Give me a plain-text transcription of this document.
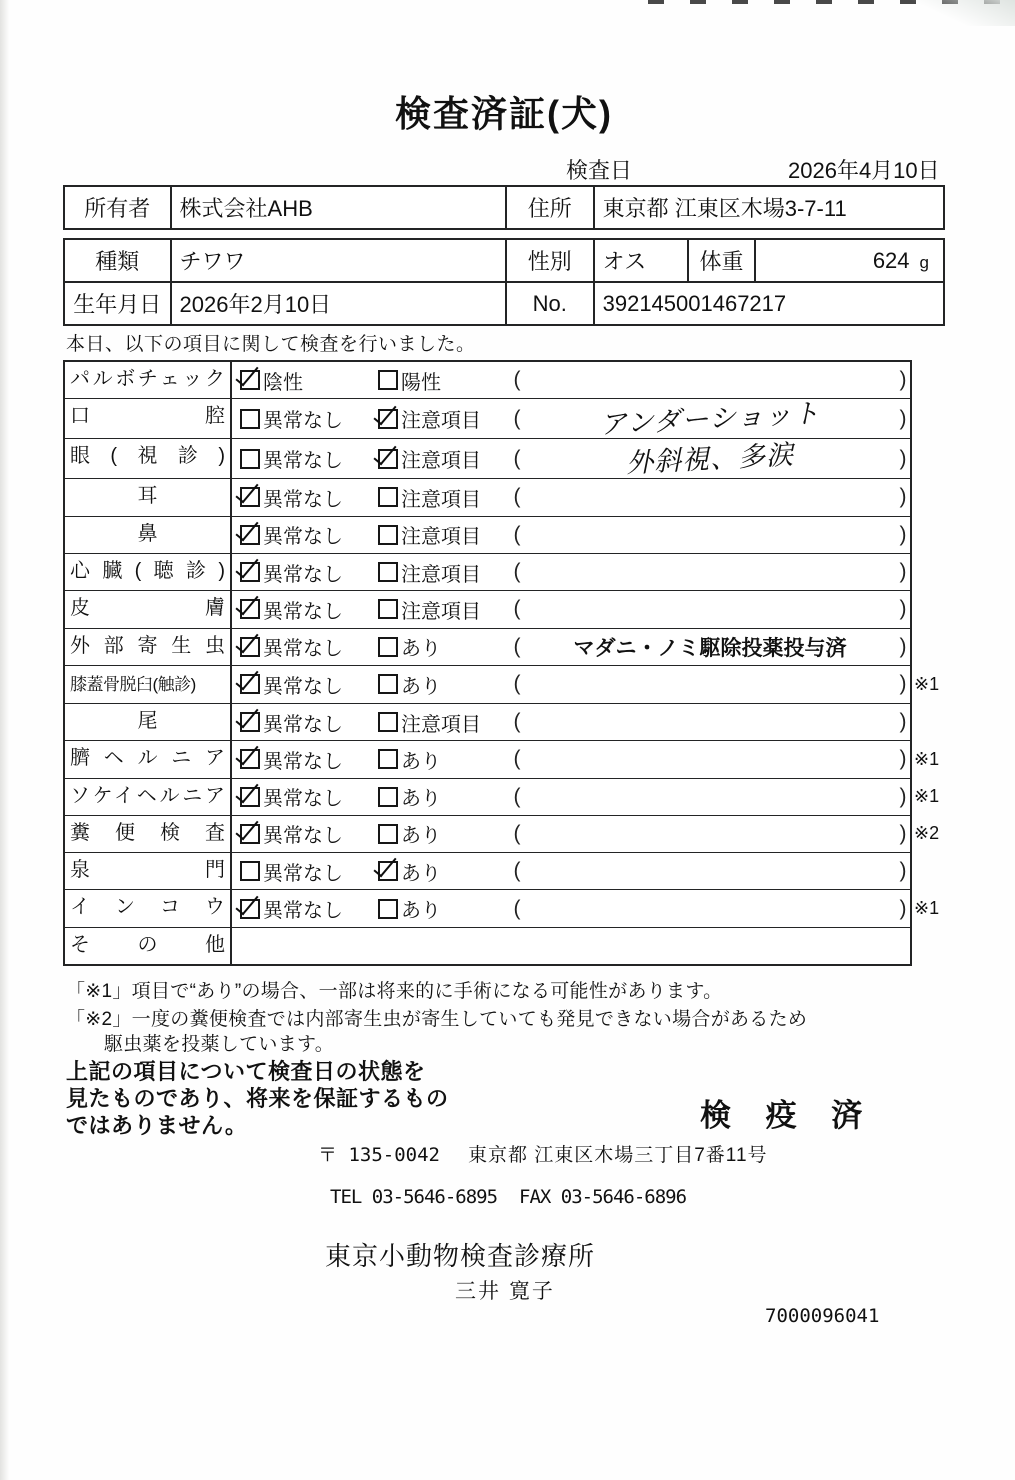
検査済証(犬)
検査日	2026年4月10日
所有者	株式会社AHB	住所	東京都 江東区木場3-7-11
種類	チワワ	性別	オス	体重	624 g
生年月日 2026年2月10日	No.	392145001467217
本日、以下の項目に関して検査を行いました。
パルボチェック	陰性	陽性	(	)
口腔	異常なし	注意項目 (	アンダーショット	)
眼(視診)	異常なし	注意項目 (	外斜視、多涙	)
耳	異常なし	注意項目 (	)
鼻	異常なし	注意項目 (	)
心臓(聴診)	異常なし	注意項目 (	)
皮膚	異常なし	注意項目 (	)
外部寄生虫	異常なし	あり	(	マダニ・ノミ駆除投薬投与済	)
膝蓋骨脱臼(触診)	異常なし	あり	(	) ※1
尾	異常なし	注意項目 (	)
臍ヘルニア	異常なし	あり	(	) ※1
ソケイヘルニア	異常なし	あり	(	) ※1
糞便検査	異常なし	あり	(	) ※2
泉門	異常なし	あり	(	)
インコウ	異常なし	あり	(	) ※1
その他
「※1」項目で“あり”の場合、一部は将来的に手術になる可能性があります。
「※2」一度の糞便検査では内部寄生虫が寄生していても発見できない場合があるため
駆虫薬を投薬しています。
上記の項目について検査日の状態を
見たものであり、将来を保証するもの
ではありません。	検 疫 済
〒 135-0042 東京都 江東区木場三丁目7番11号
TEL 03-5646-6895 FAX 03-5646-6896
東京小動物検査診療所
三井 寛子
7000096041
